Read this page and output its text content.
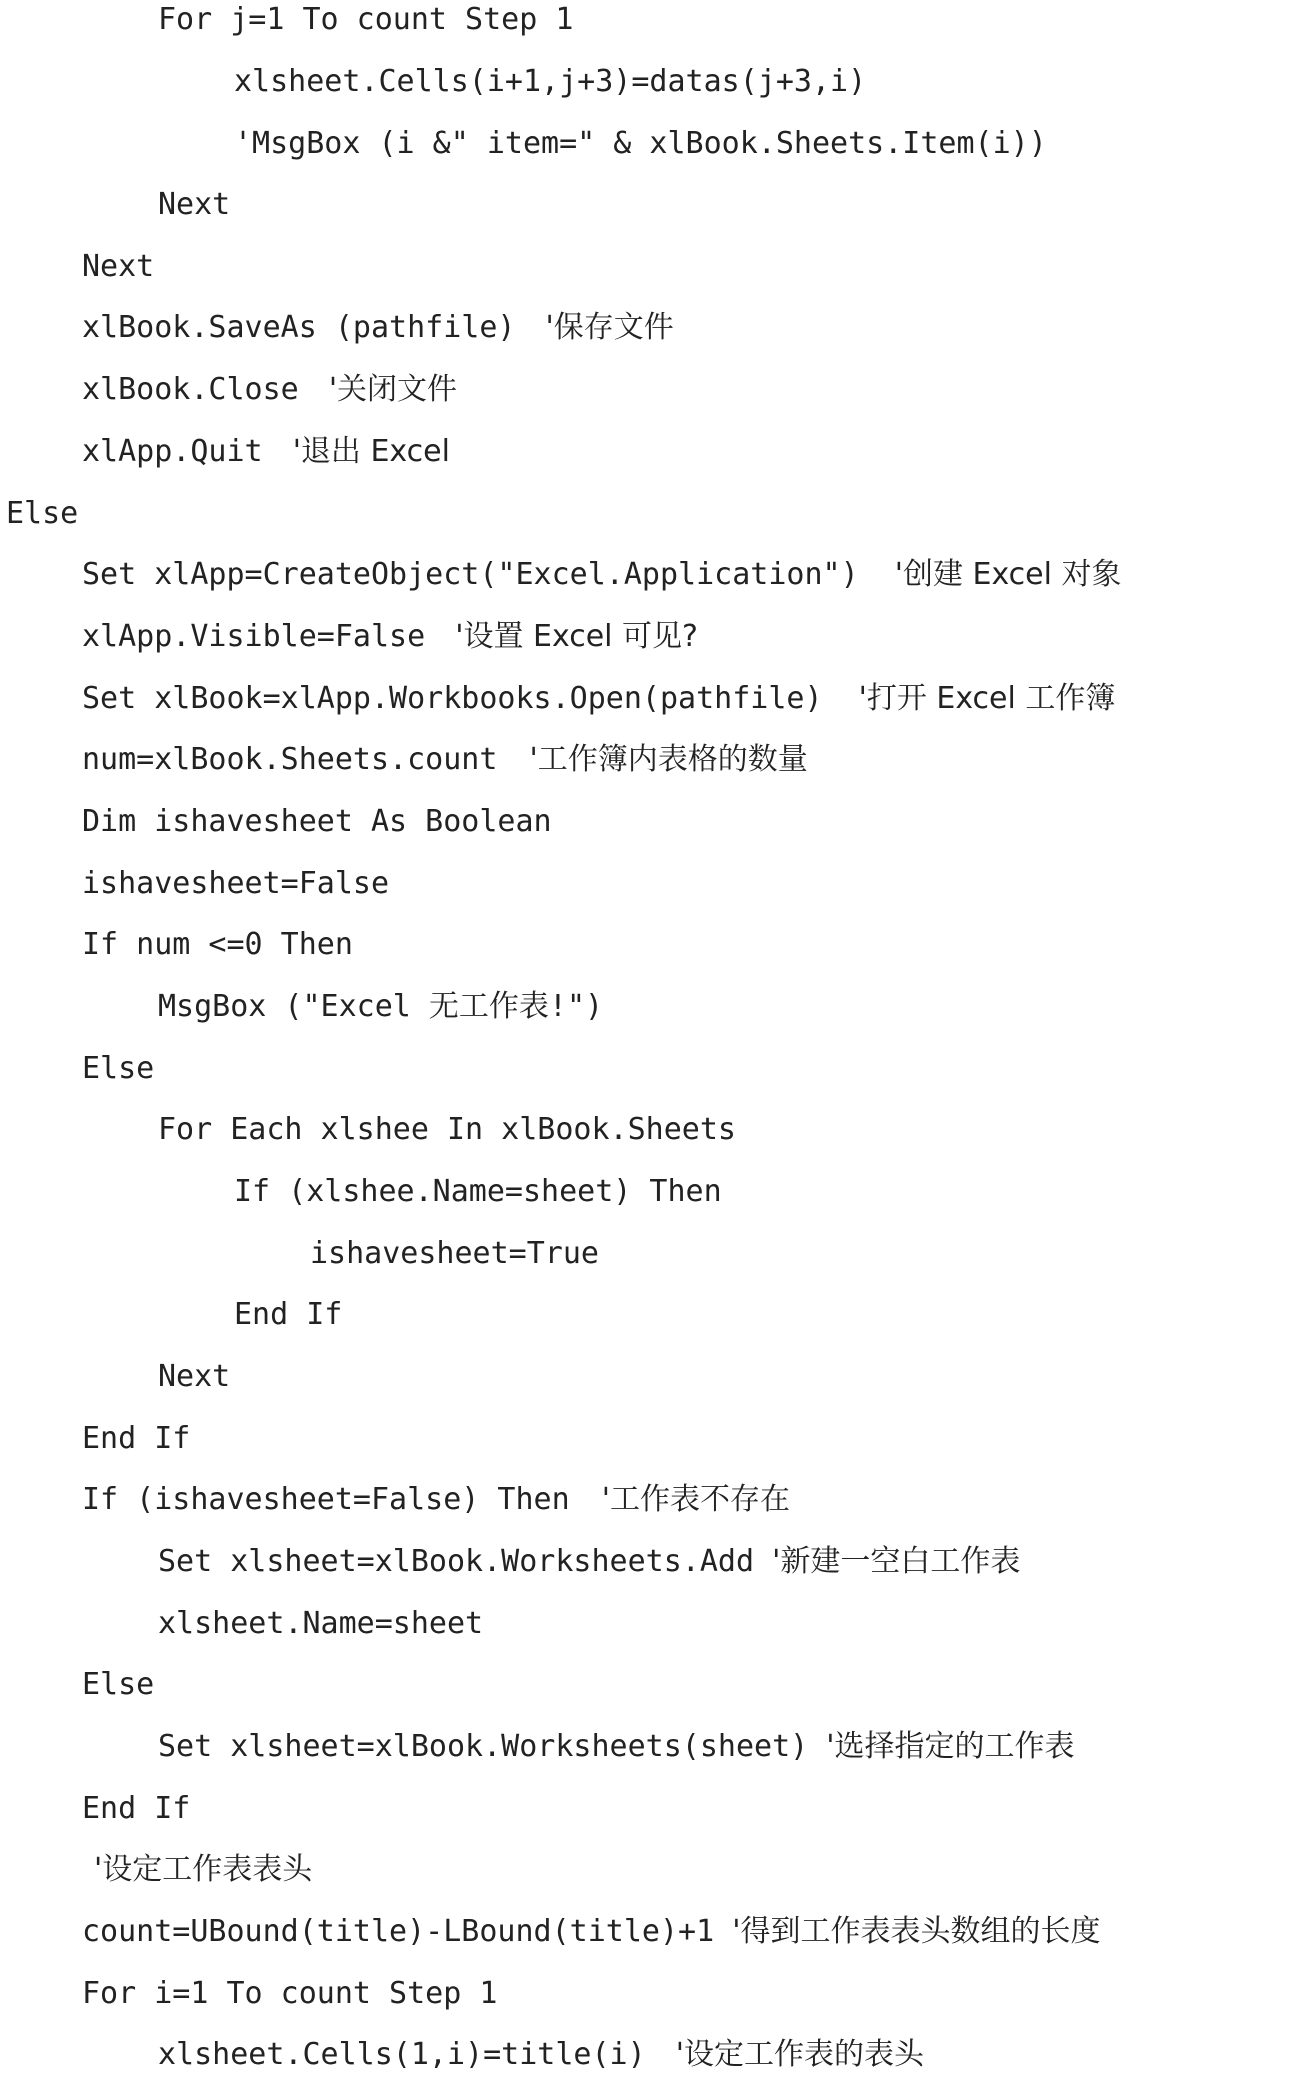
For j=1 To count Step 1
xlsheet.Cells(i+1,j+3)=datas(j+3,i)
'MsgBox (i &" item=" & xlBook.Sheets.Item(i))
Next
Next
xlBook.SaveAs (pathfile) '保存文件
xlBook.Close '关闭文件
xlApp.Quit '退出 Excel
Else
Set xlApp=CreateObject("Excel.Application") '创建 Excel 对象
xlApp.Visible=False '设置 Excel 可见?
Set xlBook=xlApp.Workbooks.Open(pathfile) '打开 Excel 工作簿
num=xlBook.Sheets.count '工作簿内表格的数量
Dim ishavesheet As Boolean
ishavesheet=False
If num <=0 Then
MsgBox ("Excel 无工作表!")
Else
For Each xlshee In xlBook.Sheets
If (xlshee.Name=sheet) Then
ishavesheet=True
End If
Next
End If
If (ishavesheet=False) Then '工作表不存在
Set xlsheet=xlBook.Worksheets.Add '新建一空白工作表
xlsheet.Name=sheet
Else
Set xlsheet=xlBook.Worksheets(sheet) '选择指定的工作表
End If
'设定工作表表头
count=UBound(title)-LBound(title)+1 '得到工作表表头数组的长度
For i=1 To count Step 1
xlsheet.Cells(1,i)=title(i) '设定工作表的表头
